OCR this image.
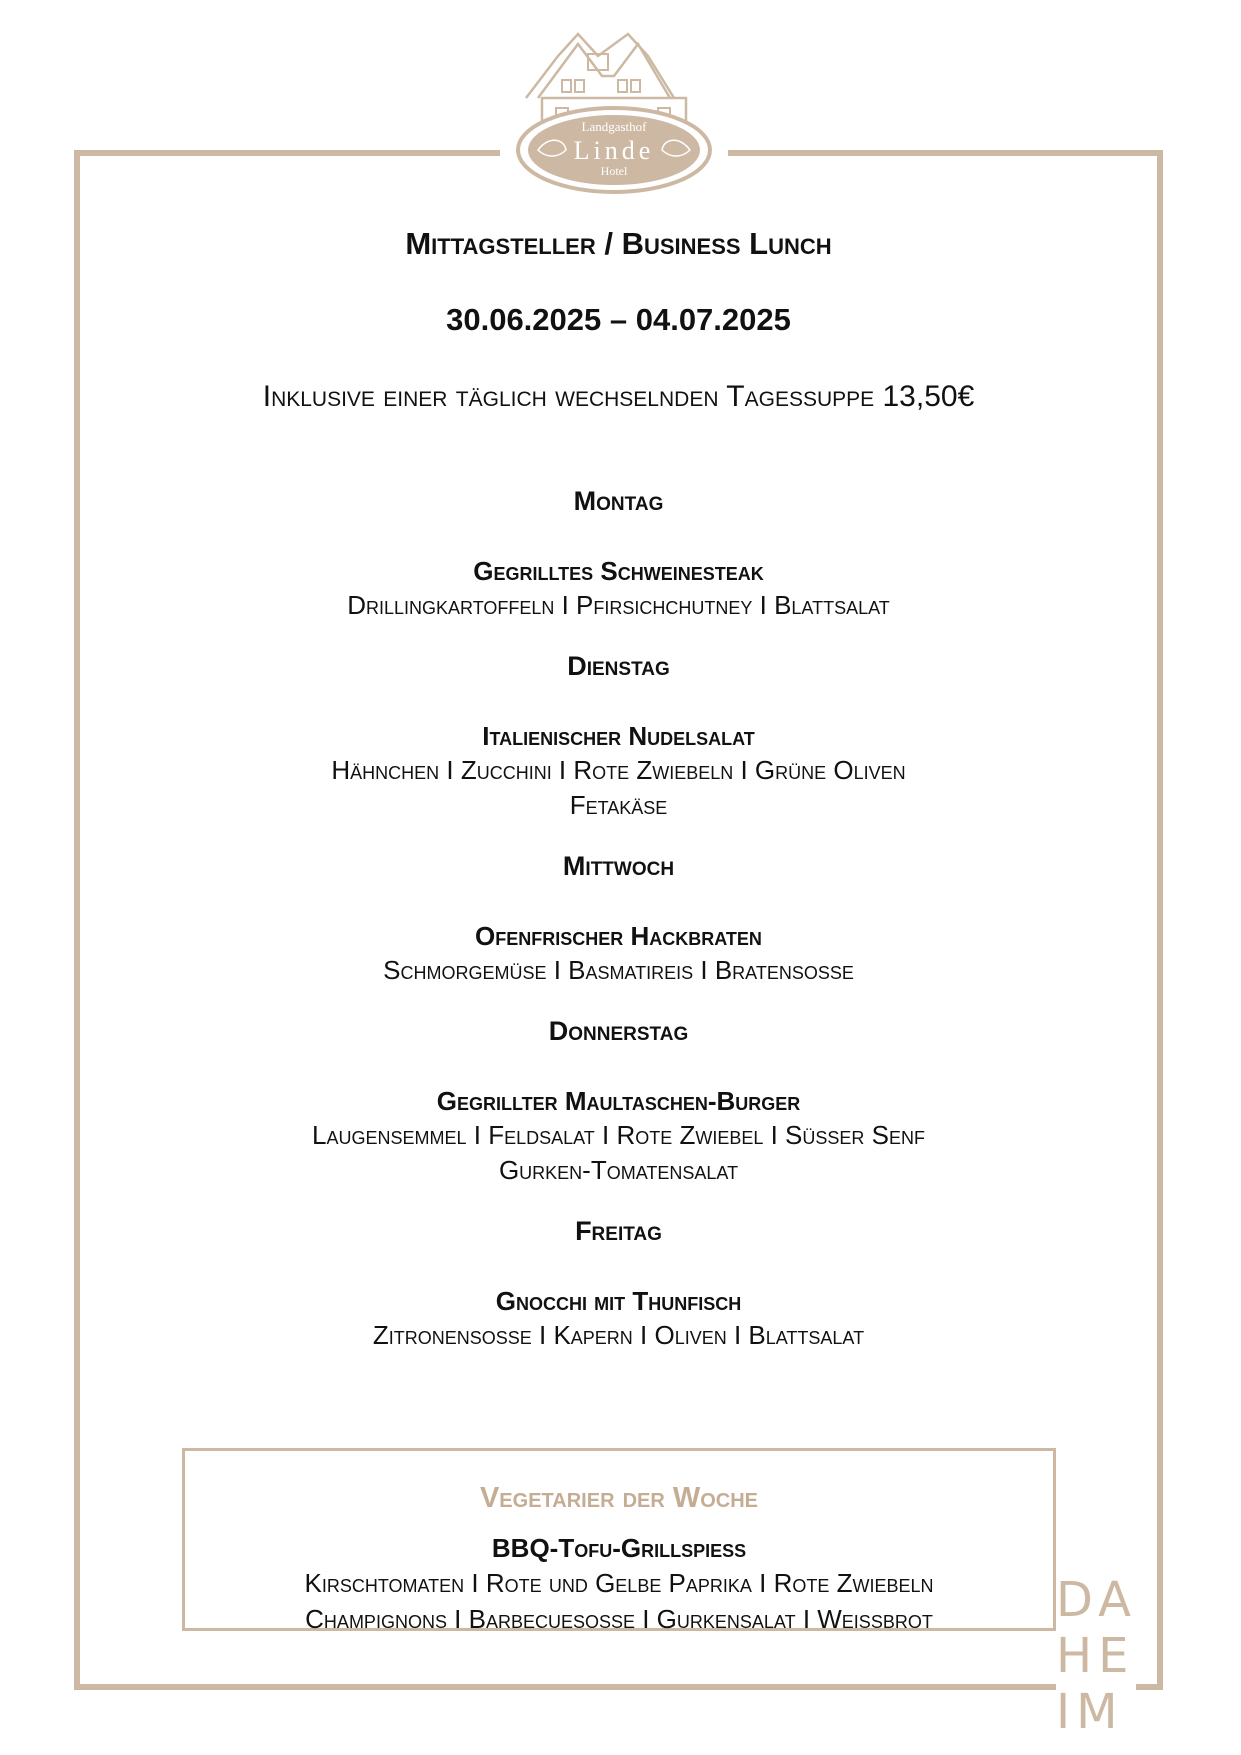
Landgasthof
Linde
Hotel
Mittagsteller / Business Lunch
30.06.2025 – 04.07.2025
Inklusive einer täglich wechselnden Tagessuppe 13,50€
Montag
Gegrilltes Schweinesteak
Drillingkartoffeln I Pfirsichchutney I Blattsalat
Dienstag
Italienischer Nudelsalat
Hähnchen I Zucchini I Rote Zwiebeln I Grüne Oliven
Fetakäse
Mittwoch
Ofenfrischer Hackbraten
Schmorgemüse I Basmatireis I Bratensoße
Donnerstag
Gegrillter Maultaschen-Burger
Laugensemmel I Feldsalat I Rote Zwiebel I Süßer Senf
Gurken-Tomatensalat
Freitag
Gnocchi mit Thunfisch
Zitronensoße I Kapern I Oliven I Blattsalat
Vegetarier der Woche
BBQ-Tofu-Grillspieß
Kirschtomaten I Rote und Gelbe Paprika I Rote Zwiebeln
Champignons I Barbecuesoße I Gurkensalat I Weißbrot	DA
HE
IM
